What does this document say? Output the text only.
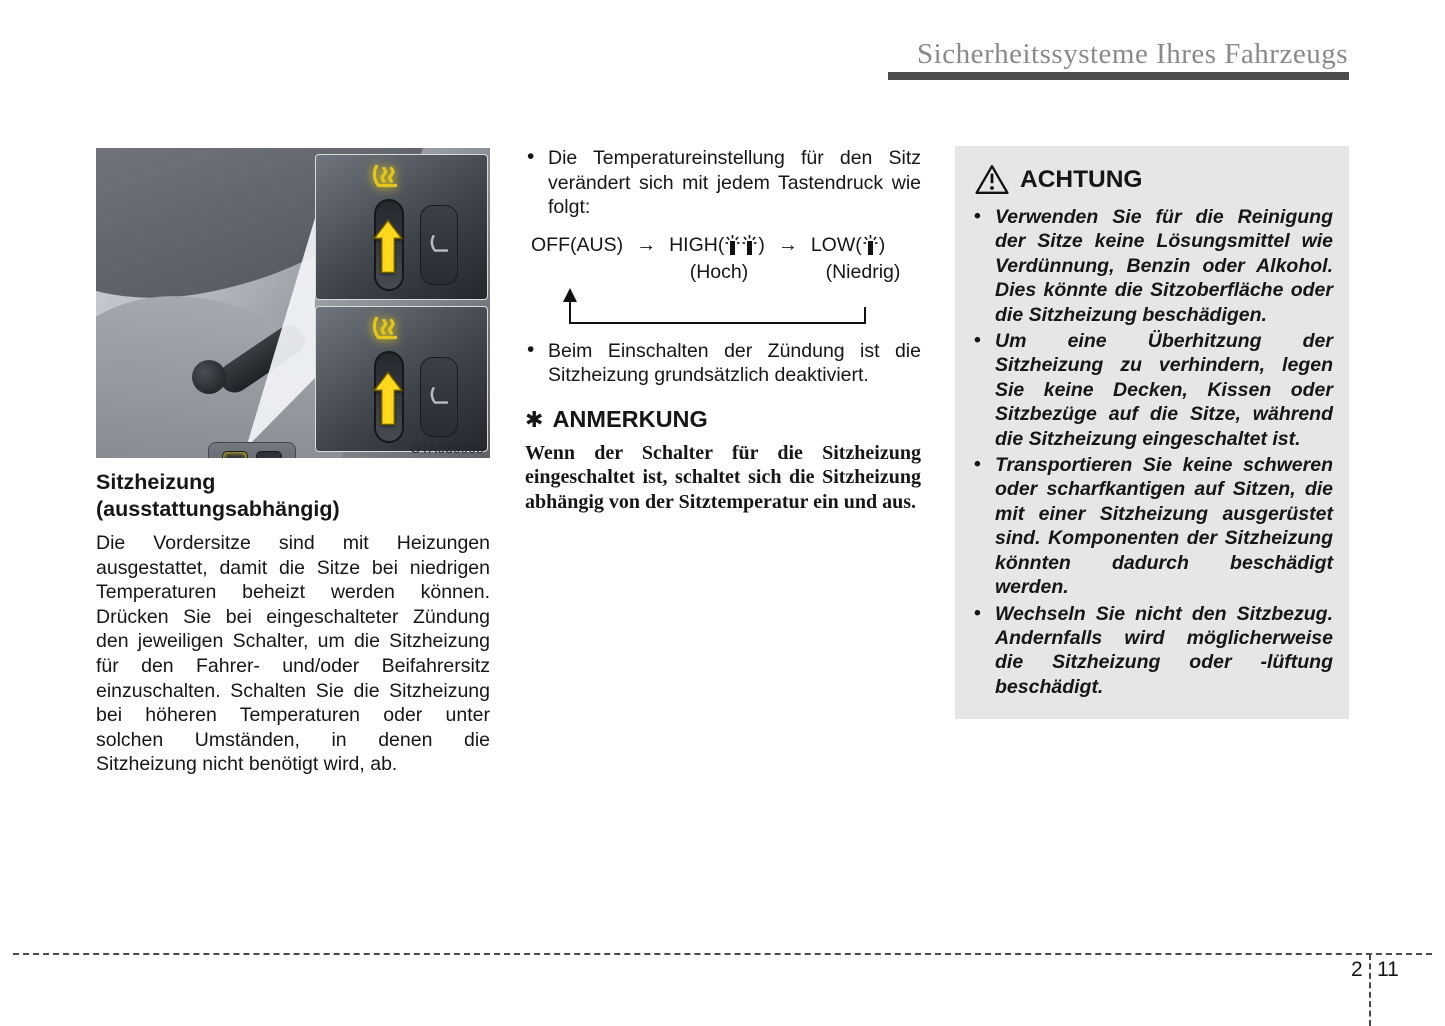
Sicherheitssysteme Ihres Fahrzeugs
OTA030008
Sitzheizung
(ausstattungsabhängig)
Die Vordersitze sind mit Heizungen ausgestattet, damit die Sitze bei niedrigen Temperaturen beheizt werden können. Drücken Sie bei eingeschalteter Zündung den jeweiligen Schalter, um die Sitzheizung für den Fahrer- und/oder Beifahrersitz einzuschalten. Schalten Sie die Sitzheizung bei höheren Temperaturen oder unter solchen Umständen, in denen die Sitzheizung nicht benötigt wird, ab.
• Die Temperatureinstellung für den Sitz verändert sich mit jedem Tastendruck wie folgt:
OFF(AUS) → HIGH( ) → LOW( )
(Hoch)	(Niedrig)
• Beim Einschalten der Zündung ist die Sitzheizung grundsätzlich deaktiviert.
✱ ANMERKUNG
Wenn der Schalter für die Sitzheizung eingeschaltet ist, schaltet sich die Sitzheizung abhängig von der Sitztemperatur ein und aus.
ACHTUNG
• Verwenden Sie für die Reinigung der Sitze keine Lösungsmittel wie Verdünnung, Benzin oder Alkohol. Dies könnte die Sitzoberfläche oder die Sitzheizung beschädigen.
• Um eine Überhitzung der Sitzheizung zu verhindern, legen Sie keine Decken, Kissen oder Sitzbezüge auf die Sitze, während die Sitzheizung eingeschaltet ist.
• Transportieren Sie keine schweren oder scharfkantigen auf Sitzen, die mit einer Sitzheizung ausgerüstet sind. Komponenten der Sitzheizung könnten dadurch beschädigt werden.
• Wechseln Sie nicht den Sitzbezug. Andernfalls wird möglicherweise die Sitzheizung oder -lüftung beschädigt.
2 11
